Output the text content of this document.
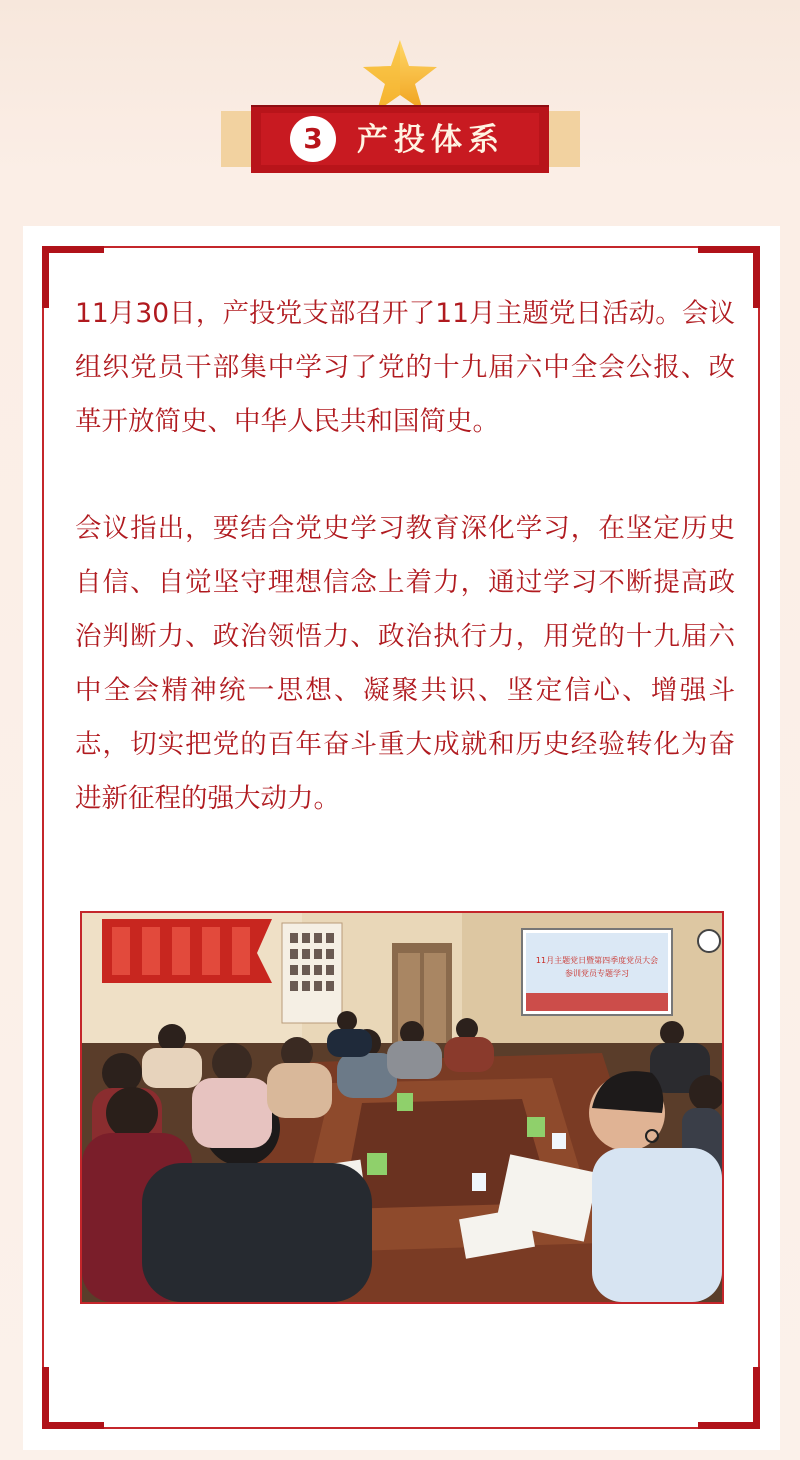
3	产投体系

11月30日，产投党支部召开了11月主题党日活动。会议组织党员干部集中学习了党的十九届六中全会公报、改革开放简史、中华人民共和国简史。

会议指出，要结合党史学习教育深化学习，在坚定历史自信、自觉坚守理想信念上着力，通过学习不断提高政治判断力、政治领悟力、政治执行力，用党的十九届六中全会精神统一思想、凝聚共识、坚定信心、增强斗志，切实把党的百年奋斗重大成就和历史经验转化为奋进新征程的强大动力。

11月主题党日暨第四季度党员大会
参训党员专题学习
